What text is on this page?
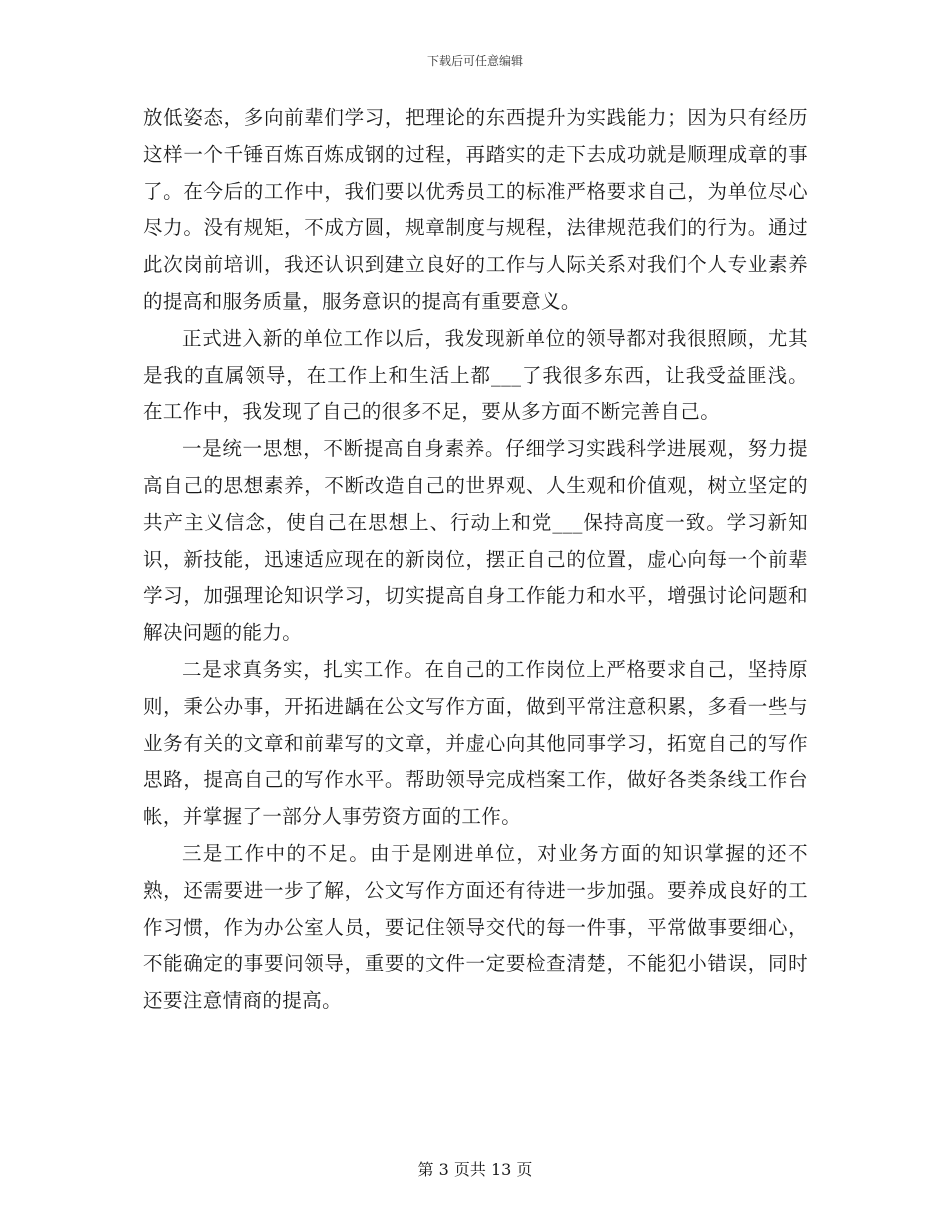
下载后可任意编辑

放低姿态，多向前辈们学习，把理论的东西提升为实践能力；因为只有经历这样一个千锤百炼百炼成钢的过程，再踏实的走下去成功就是顺理成章的事了。在今后的工作中，我们要以优秀员工的标准严格要求自己，为单位尽心尽力。没有规矩，不成方圆，规章制度与规程，法律规范我们的行为。通过此次岗前培训，我还认识到建立良好的工作与人际关系对我们个人专业素养的提高和服务质量，服务意识的提高有重要意义。

正式进入新的单位工作以后，我发现新单位的领导都对我很照顾，尤其是我的直属领导，在工作上和生活上都___了我很多东西，让我受益匪浅。在工作中，我发现了自己的很多不足，要从多方面不断完善自己。

一是统一思想，不断提高自身素养。仔细学习实践科学进展观，努力提高自己的思想素养，不断改造自己的世界观、人生观和价值观，树立坚定的共产主义信念，使自己在思想上、行动上和党___保持高度一致。学习新知识，新技能，迅速适应现在的新岗位，摆正自己的位置，虚心向每一个前辈学习，加强理论知识学习，切实提高自身工作能力和水平，增强讨论问题和解决问题的能力。

二是求真务实，扎实工作。在自己的工作岗位上严格要求自己，坚持原则，秉公办事，开拓进龋在公文写作方面，做到平常注意积累，多看一些与业务有关的文章和前辈写的文章，并虚心向其他同事学习，拓宽自己的写作思路，提高自己的写作水平。帮助领导完成档案工作，做好各类条线工作台帐，并掌握了一部分人事劳资方面的工作。

三是工作中的不足。由于是刚进单位，对业务方面的知识掌握的还不熟，还需要进一步了解，公文写作方面还有待进一步加强。要养成良好的工作习惯，作为办公室人员，要记住领导交代的每一件事，平常做事要细心，不能确定的事要问领导，重要的文件一定要检查清楚，不能犯小错误，同时还要注意情商的提高。

第 3 页共 13 页
